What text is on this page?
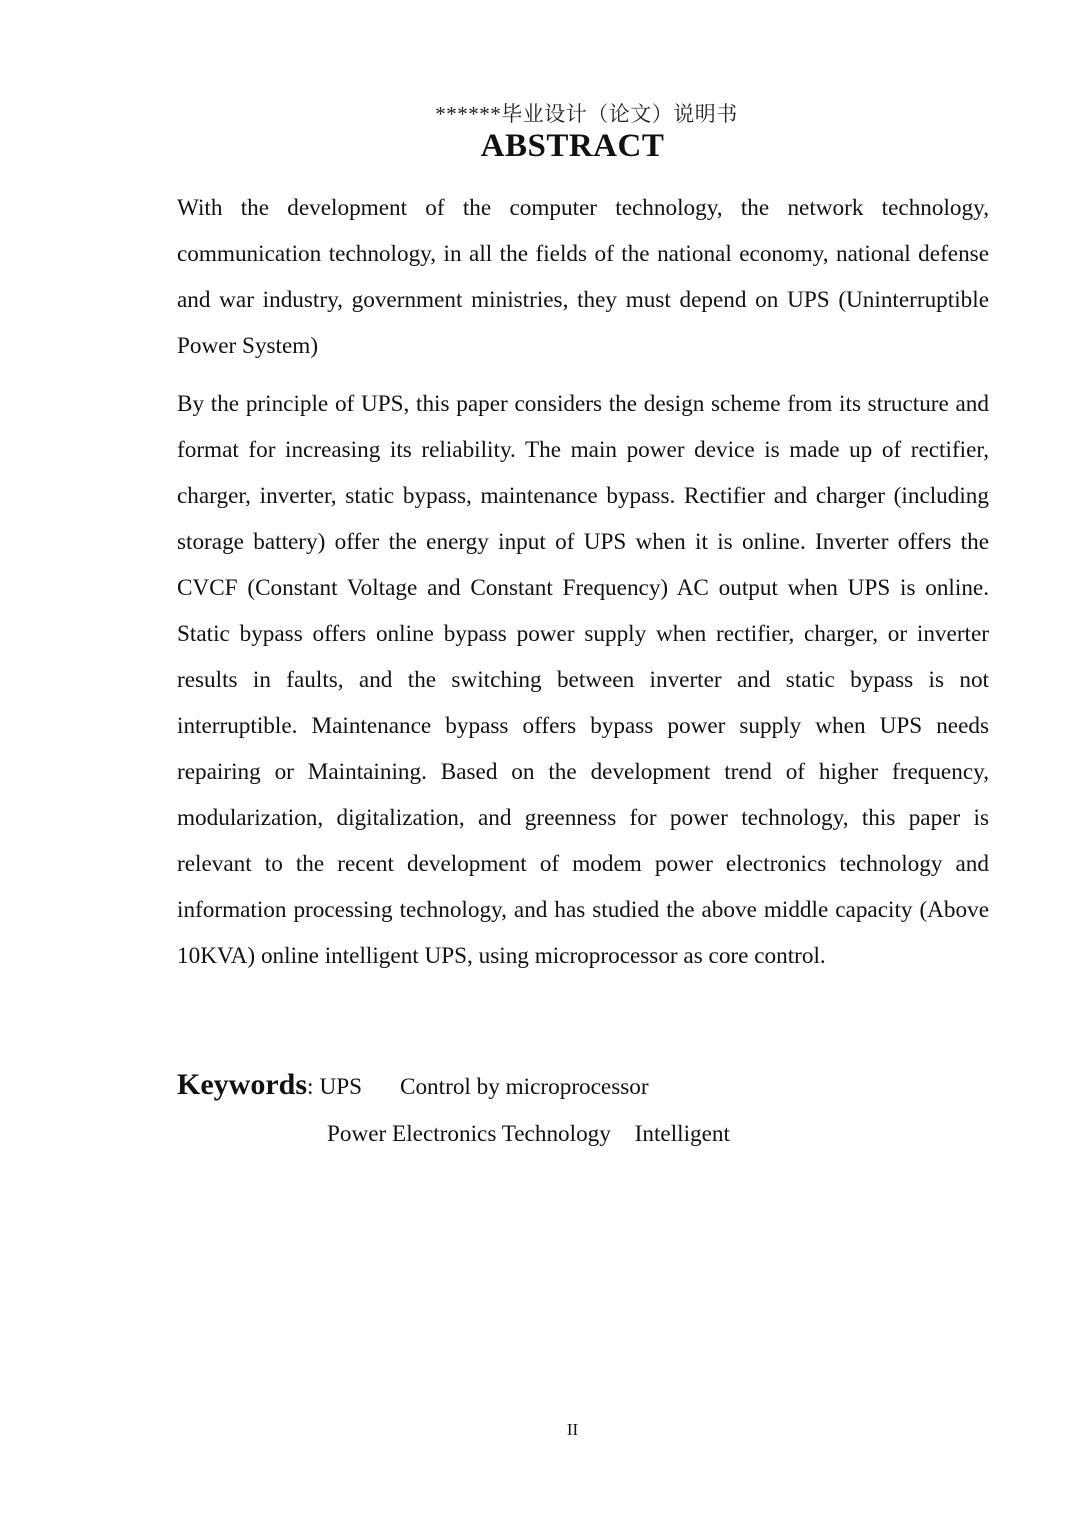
******毕业设计（论文）说明书
ABSTRACT

With the development of the computer technology, the network technology, communication technology, in all the fields of the national economy, national defense and war industry, government ministries, they must depend on UPS (Uninterruptible Power System)

By the principle of UPS, this paper considers the design scheme from its structure and format for increasing its reliability. The main power device is made up of rectifier, charger, inverter, static bypass, maintenance bypass. Rectifier and charger (including storage battery) offer the energy input of UPS when it is online. Inverter offers the CVCF (Constant Voltage and Constant Frequency) AC output when UPS is online. Static bypass offers online bypass power supply when rectifier, charger, or inverter results in faults, and the switching between inverter and static bypass is not interruptible. Maintenance bypass offers bypass power supply when UPS needs repairing or Maintaining. Based on the development trend of higher frequency, modularization, digitalization, and greenness for power technology, this paper is relevant to the recent development of modem power electronics technology and information processing technology, and has studied the above middle capacity (Above 10KVA) online intelligent UPS, using microprocessor as core control.

Keywords : UPS Control by microprocessor
Power Electronics Technology Intelligent
II
